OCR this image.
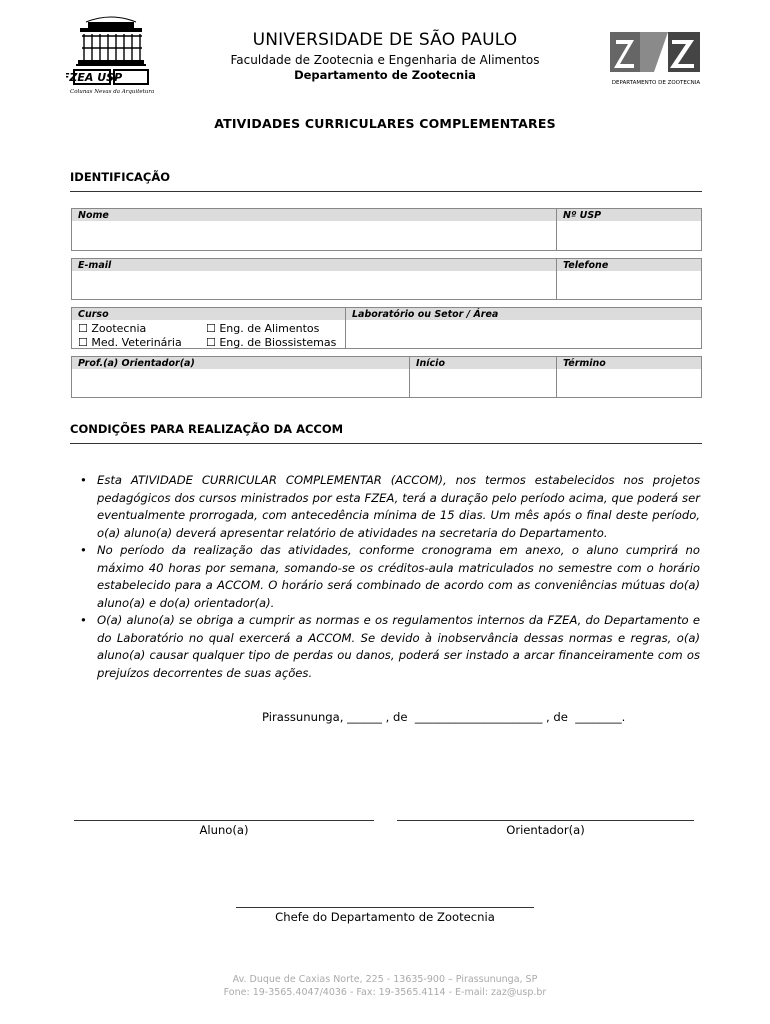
FZEA USP
Colunas Nevas da Arquitetura
UNIVERSIDADE DE SÃO PAULO
Faculdade de Zootecnia e Engenharia de Alimentos
Departamento de Zootecnia
DEPARTAMENTO DE ZOOTECNIA
ATIVIDADES CURRICULARES COMPLEMENTARES
IDENTIFICAÇÃO
Nome	Nº USP
E-mail	Telefone
Curso
☐ Zootecnia	☐ Eng. de Alimentos
☐ Med. Veterinária	☐ Eng. de Biossistemas
Laboratório ou Setor / Área
Prof.(a) Orientador(a)	Início	Término
CONDIÇÕES PARA REALIZAÇÃO DA ACCOM
• Esta ATIVIDADE CURRICULAR COMPLEMENTAR (ACCOM), nos termos estabelecidos nos projetos pedagógicos dos cursos ministrados por esta FZEA, terá a duração pelo período acima, que poderá ser eventualmente prorrogada, com antecedência mínima de 15 dias. Um mês após o final deste período, o(a) aluno(a) deverá apresentar relatório de atividades na secretaria do Departamento.
• No período da realização das atividades, conforme cronograma em anexo, o aluno cumprirá no máximo 40 horas por semana, somando-se os créditos-aula matriculados no semestre com o horário estabelecido para a ACCOM. O horário será combinado de acordo com as conveniências mútuas do(a) aluno(a) e do(a) orientador(a).
• O(a) aluno(a) se obriga a cumprir as normas e os regulamentos internos da FZEA, do Departamento e do Laboratório no qual exercerá a ACCOM. Se devido à inobservância dessas normas e regras, o(a) aluno(a) causar qualquer tipo de perdas ou danos, poderá ser instado a arcar financeiramente com os prejuízos decorrentes de suas ações.
Pirassununga, ______ , de  ______________________ , de  ________.
Aluno(a)	Orientador(a)
Chefe do Departamento de Zootecnia
Av. Duque de Caxias Norte, 225 - 13635-900 – Pirassununga, SP
Fone: 19-3565.4047/4036 - Fax: 19-3565.4114 - E-mail: zaz@usp.br
